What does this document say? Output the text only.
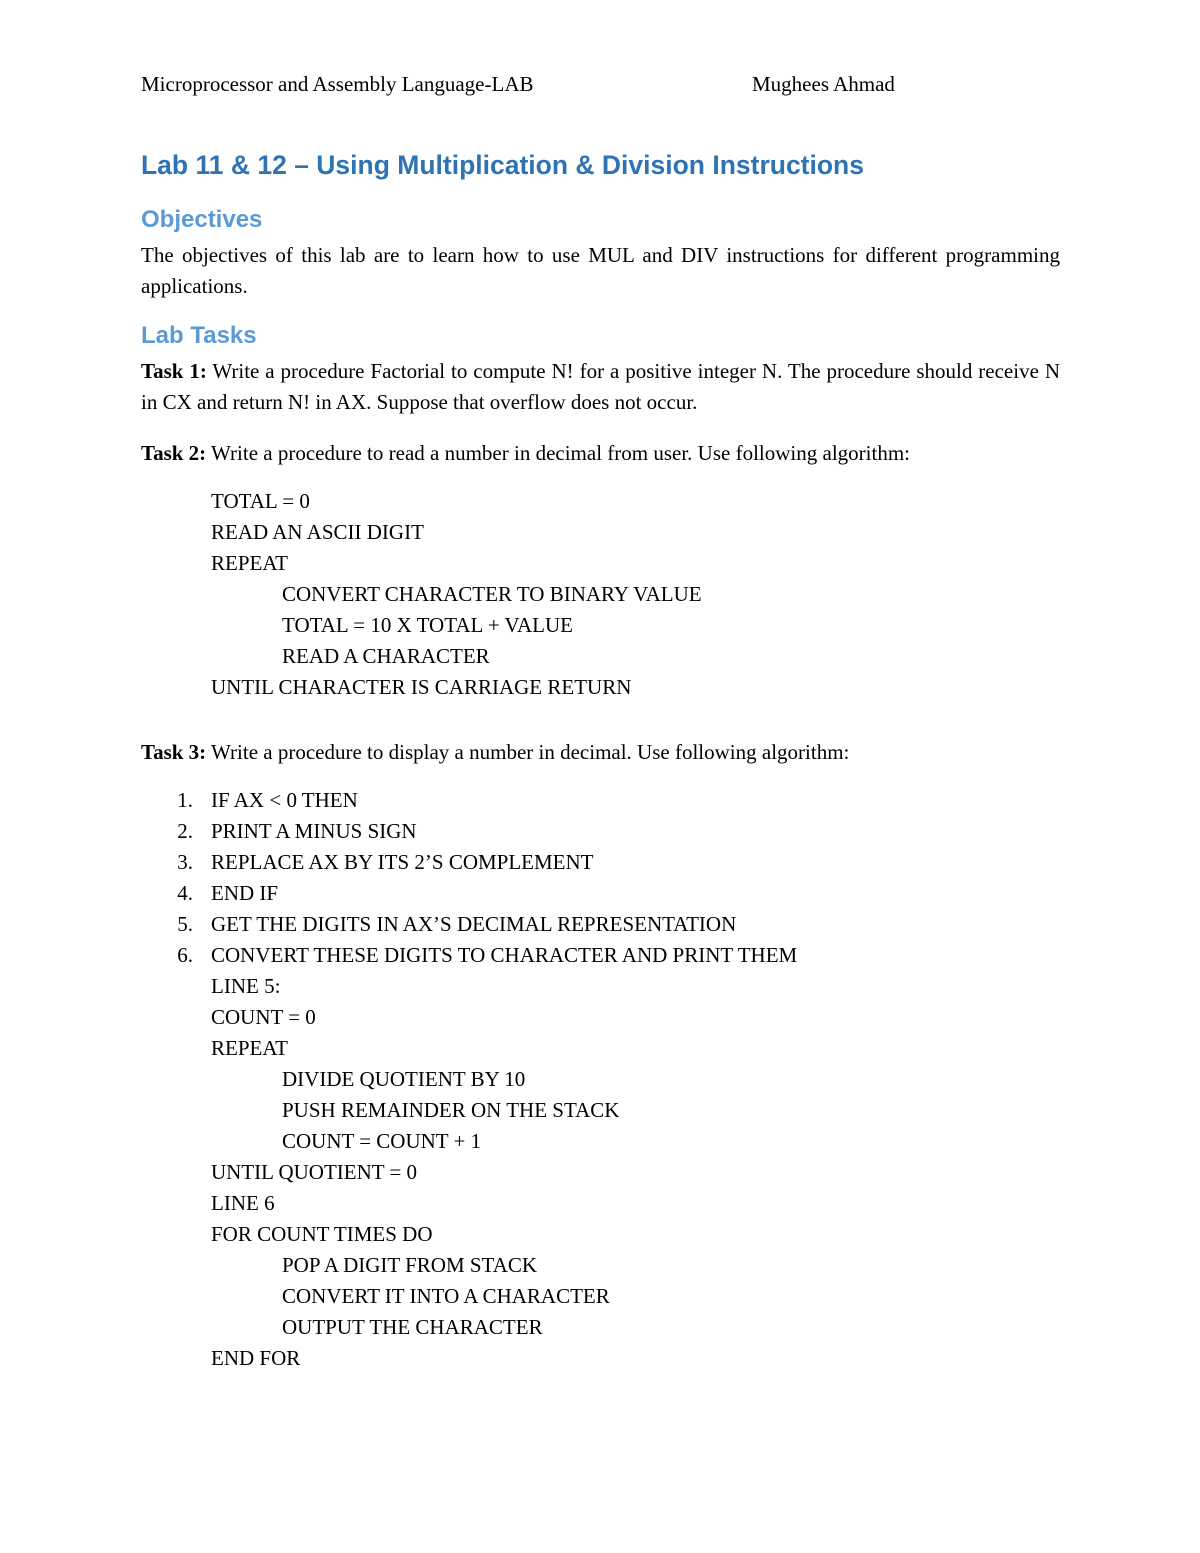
Microprocessor and Assembly Language-LAB	Mughees Ahmad
Lab 11 & 12 – Using Multiplication & Division Instructions
Objectives
The objectives of this lab are to learn how to use MUL and DIV instructions for different programming applications.
Lab Tasks
Task 1: Write a procedure Factorial to compute N! for a positive integer N. The procedure should receive N in CX and return N! in AX. Suppose that overflow does not occur.
Task 2: Write a procedure to read a number in decimal from user. Use following algorithm:
TOTAL = 0
READ AN ASCII DIGIT
REPEAT
CONVERT CHARACTER TO BINARY VALUE
TOTAL = 10 X TOTAL + VALUE
READ A CHARACTER
UNTIL CHARACTER IS CARRIAGE RETURN
Task 3: Write a procedure to display a number in decimal. Use following algorithm:
1. IF AX < 0 THEN
2. PRINT A MINUS SIGN
3. REPLACE AX BY ITS 2’S COMPLEMENT
4. END IF
5. GET THE DIGITS IN AX’S DECIMAL REPRESENTATION
6. CONVERT THESE DIGITS TO CHARACTER AND PRINT THEM
LINE 5:
COUNT = 0
REPEAT
DIVIDE QUOTIENT BY 10
PUSH REMAINDER ON THE STACK
COUNT = COUNT + 1
UNTIL QUOTIENT = 0
LINE 6
FOR COUNT TIMES DO
POP A DIGIT FROM STACK
CONVERT IT INTO A CHARACTER
OUTPUT THE CHARACTER
END FOR
